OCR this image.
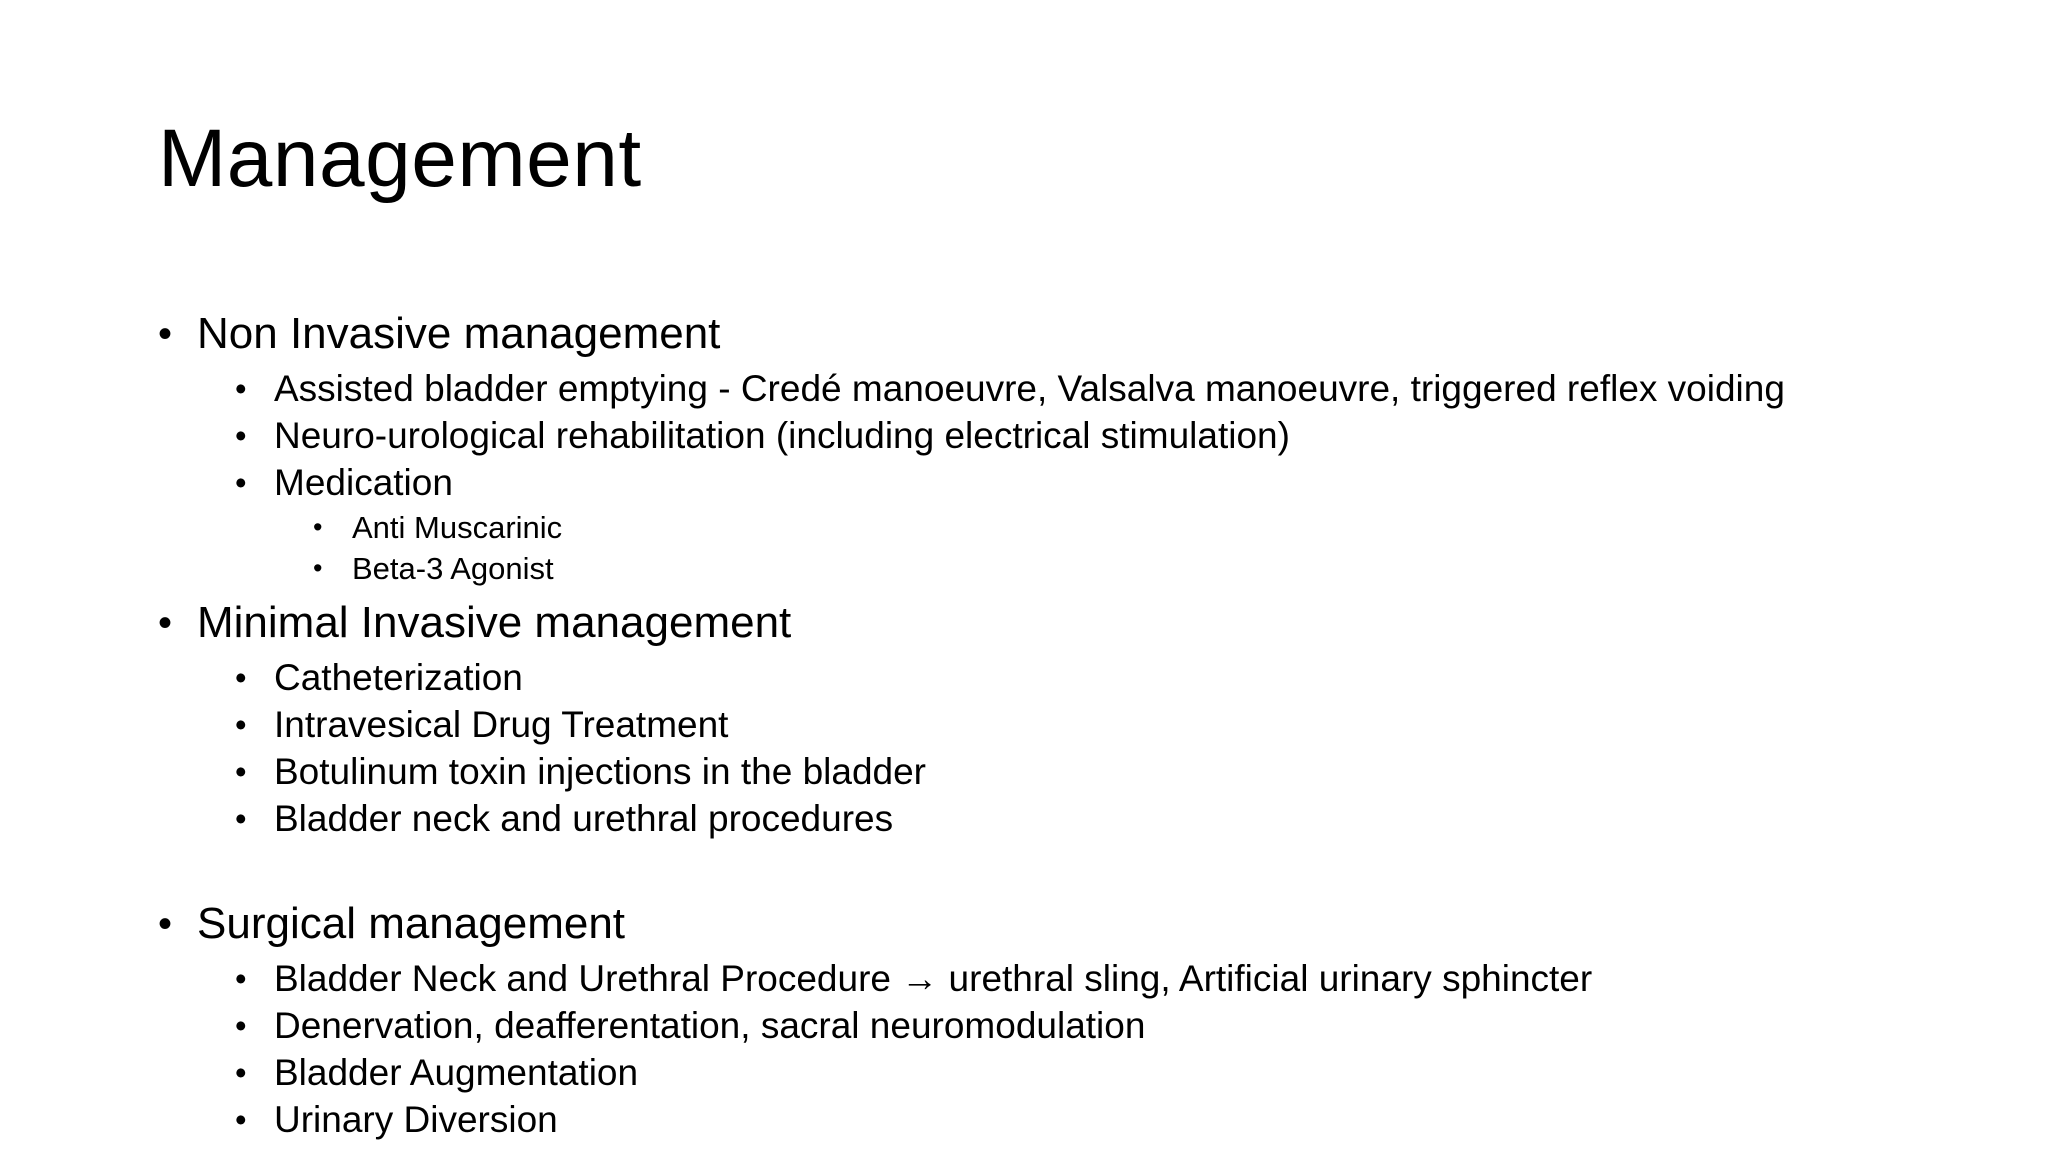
Management
• Non Invasive management
• Assisted bladder emptying - Credé manoeuvre, Valsalva manoeuvre, triggered reflex voiding
• Neuro-urological rehabilitation (including electrical stimulation)
• Medication
• Anti Muscarinic
• Beta-3 Agonist
• Minimal Invasive management
• Catheterization
• Intravesical Drug Treatment
• Botulinum toxin injections in the bladder
• Bladder neck and urethral procedures
• Surgical management
• Bladder Neck and Urethral Procedure → urethral sling, Artificial urinary sphincter
• Denervation, deafferentation, sacral neuromodulation
• Bladder Augmentation
• Urinary Diversion
